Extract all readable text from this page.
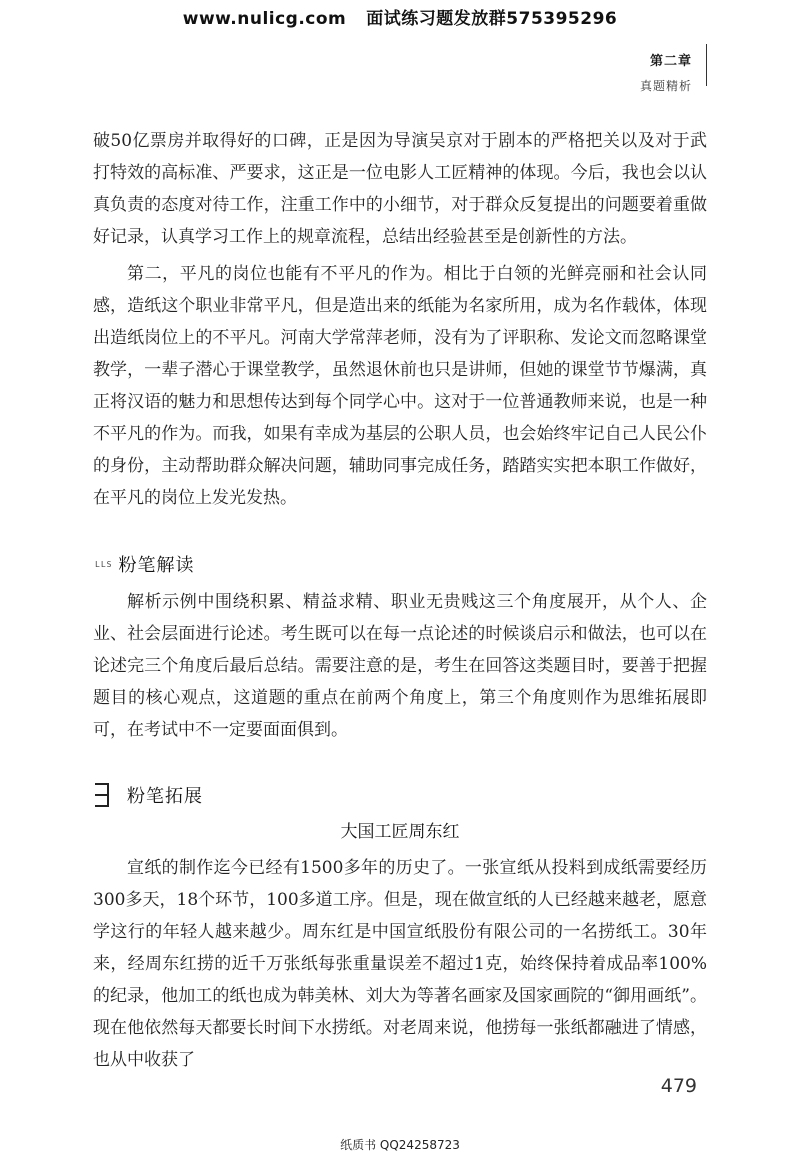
www.nulicg.com 面试练习题发放群575395296
第二章
真题精析

破50亿票房并取得好的口碑，正是因为导演吴京对于剧本的严格把关以及对于武打特效的高标准、严要求，这正是一位电影人工匠精神的体现。今后，我也会以认真负责的态度对待工作，注重工作中的小细节，对于群众反复提出的问题要着重做好记录，认真学习工作上的规章流程，总结出经验甚至是创新性的方法。

第二，平凡的岗位也能有不平凡的作为。相比于白领的光鲜亮丽和社会认同感，造纸这个职业非常平凡，但是造出来的纸能为名家所用，成为名作载体，体现出造纸岗位上的不平凡。河南大学常萍老师，没有为了评职称、发论文而忽略课堂教学，一辈子潜心于课堂教学，虽然退休前也只是讲师，但她的课堂节节爆满，真正将汉语的魅力和思想传达到每个同学心中。这对于一位普通教师来说，也是一种不平凡的作为。而我，如果有幸成为基层的公职人员，也会始终牢记自己人民公仆的身份，主动帮助群众解决问题，辅助同事完成任务，踏踏实实把本职工作做好，在平凡的岗位上发光发热。

LLS 粉笔解读

解析示例中围绕积累、精益求精、职业无贵贱这三个角度展开，从个人、企业、社会层面进行论述。考生既可以在每一点论述的时候谈启示和做法，也可以在论述完三个角度后最后总结。需要注意的是，考生在回答这类题目时，要善于把握题目的核心观点，这道题的重点在前两个角度上，第三个角度则作为思维拓展即可，在考试中不一定要面面俱到。

粉笔拓展
大国工匠周东红

宣纸的制作迄今已经有1500多年的历史了。一张宣纸从投料到成纸需要经历300多天，18个环节，100多道工序。但是，现在做宣纸的人已经越来越老，愿意学这行的年轻人越来越少。周东红是中国宣纸股份有限公司的一名捞纸工。30年来，经周东红捞的近千万张纸每张重量误差不超过1克，始终保持着成品率100%的纪录，他加工的纸也成为韩美林、刘大为等著名画家及国家画院的“御用画纸”。现在他依然每天都要长时间下水捞纸。对老周来说，他捞每一张纸都融进了情感，也从中收获了

479
纸质书 QQ24258723
